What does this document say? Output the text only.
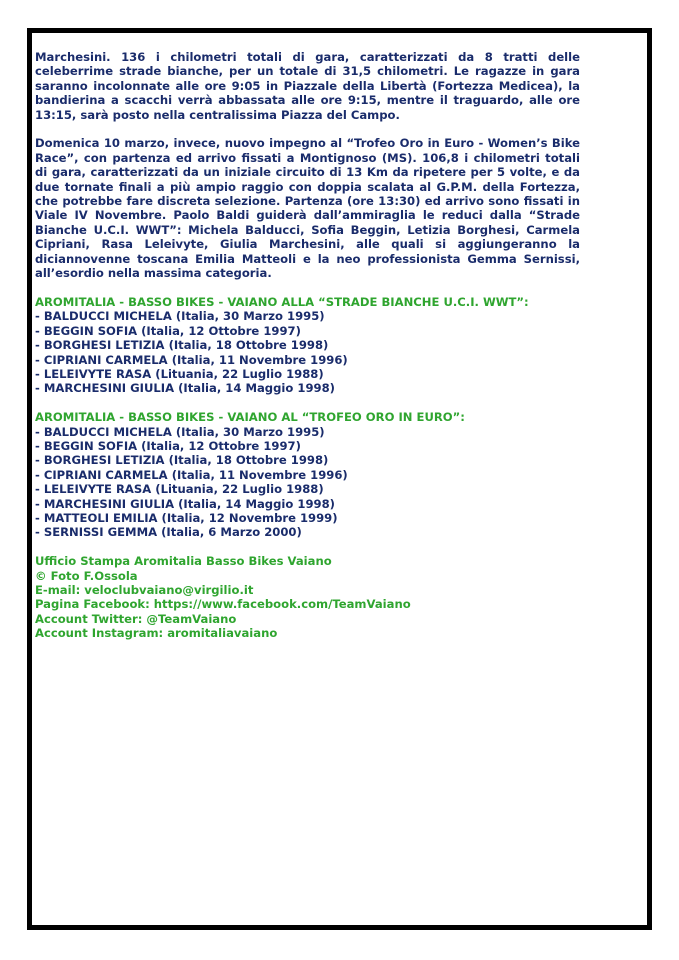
Marchesini. 136 i chilometri totali di gara, caratterizzati da 8 tratti delle celeberrime strade bianche, per un totale di 31,5 chilometri. Le ragazze in gara saranno incolonnate alle ore 9:05 in Piazzale della Libertà (Fortezza Medicea), la bandierina a scacchi verrà abbassata alle ore 9:15, mentre il traguardo, alle ore 13:15, sarà posto nella centralissima Piazza del Campo.

Domenica 10 marzo, invece, nuovo impegno al “Trofeo Oro in Euro - Women’s Bike Race”, con partenza ed arrivo fissati a Montignoso (MS). 106,8 i chilometri totali di gara, caratterizzati da un iniziale circuito di 13 Km da ripetere per 5 volte, e da due tornate finali a più ampio raggio con doppia scalata al G.P.M. della Fortezza, che potrebbe fare discreta selezione. Partenza (ore 13:30) ed arrivo sono fissati in Viale IV Novembre. Paolo Baldi guiderà dall’ammiraglia le reduci dalla “Strade Bianche U.C.I. WWT”: Michela Balducci, Sofia Beggin, Letizia Borghesi, Carmela Cipriani, Rasa Leleivyte, Giulia Marchesini, alle quali si aggiungeranno la diciannovenne toscana Emilia Matteoli e la neo professionista Gemma Sernissi, all’esordio nella massima categoria.

AROMITALIA - BASSO BIKES - VAIANO ALLA “STRADE BIANCHE U.C.I. WWT”:
- BALDUCCI MICHELA (Italia, 30 Marzo 1995)
- BEGGIN SOFIA (Italia, 12 Ottobre 1997)
- BORGHESI LETIZIA (Italia, 18 Ottobre 1998)
- CIPRIANI CARMELA (Italia, 11 Novembre 1996)
- LELEIVYTE RASA (Lituania, 22 Luglio 1988)
- MARCHESINI GIULIA (Italia, 14 Maggio 1998)
AROMITALIA - BASSO BIKES - VAIANO AL “TROFEO ORO IN EURO”:
- BALDUCCI MICHELA (Italia, 30 Marzo 1995)
- BEGGIN SOFIA (Italia, 12 Ottobre 1997)
- BORGHESI LETIZIA (Italia, 18 Ottobre 1998)
- CIPRIANI CARMELA (Italia, 11 Novembre 1996)
- LELEIVYTE RASA (Lituania, 22 Luglio 1988)
- MARCHESINI GIULIA (Italia, 14 Maggio 1998)
- MATTEOLI EMILIA (Italia, 12 Novembre 1999)
- SERNISSI GEMMA (Italia, 6 Marzo 2000)
Ufficio Stampa Aromitalia Basso Bikes Vaiano
© Foto F.Ossola
E-mail: veloclubvaiano@virgilio.it
Pagina Facebook: https://www.facebook.com/TeamVaiano
Account Twitter: @TeamVaiano
Account Instagram: aromitaliavaiano
